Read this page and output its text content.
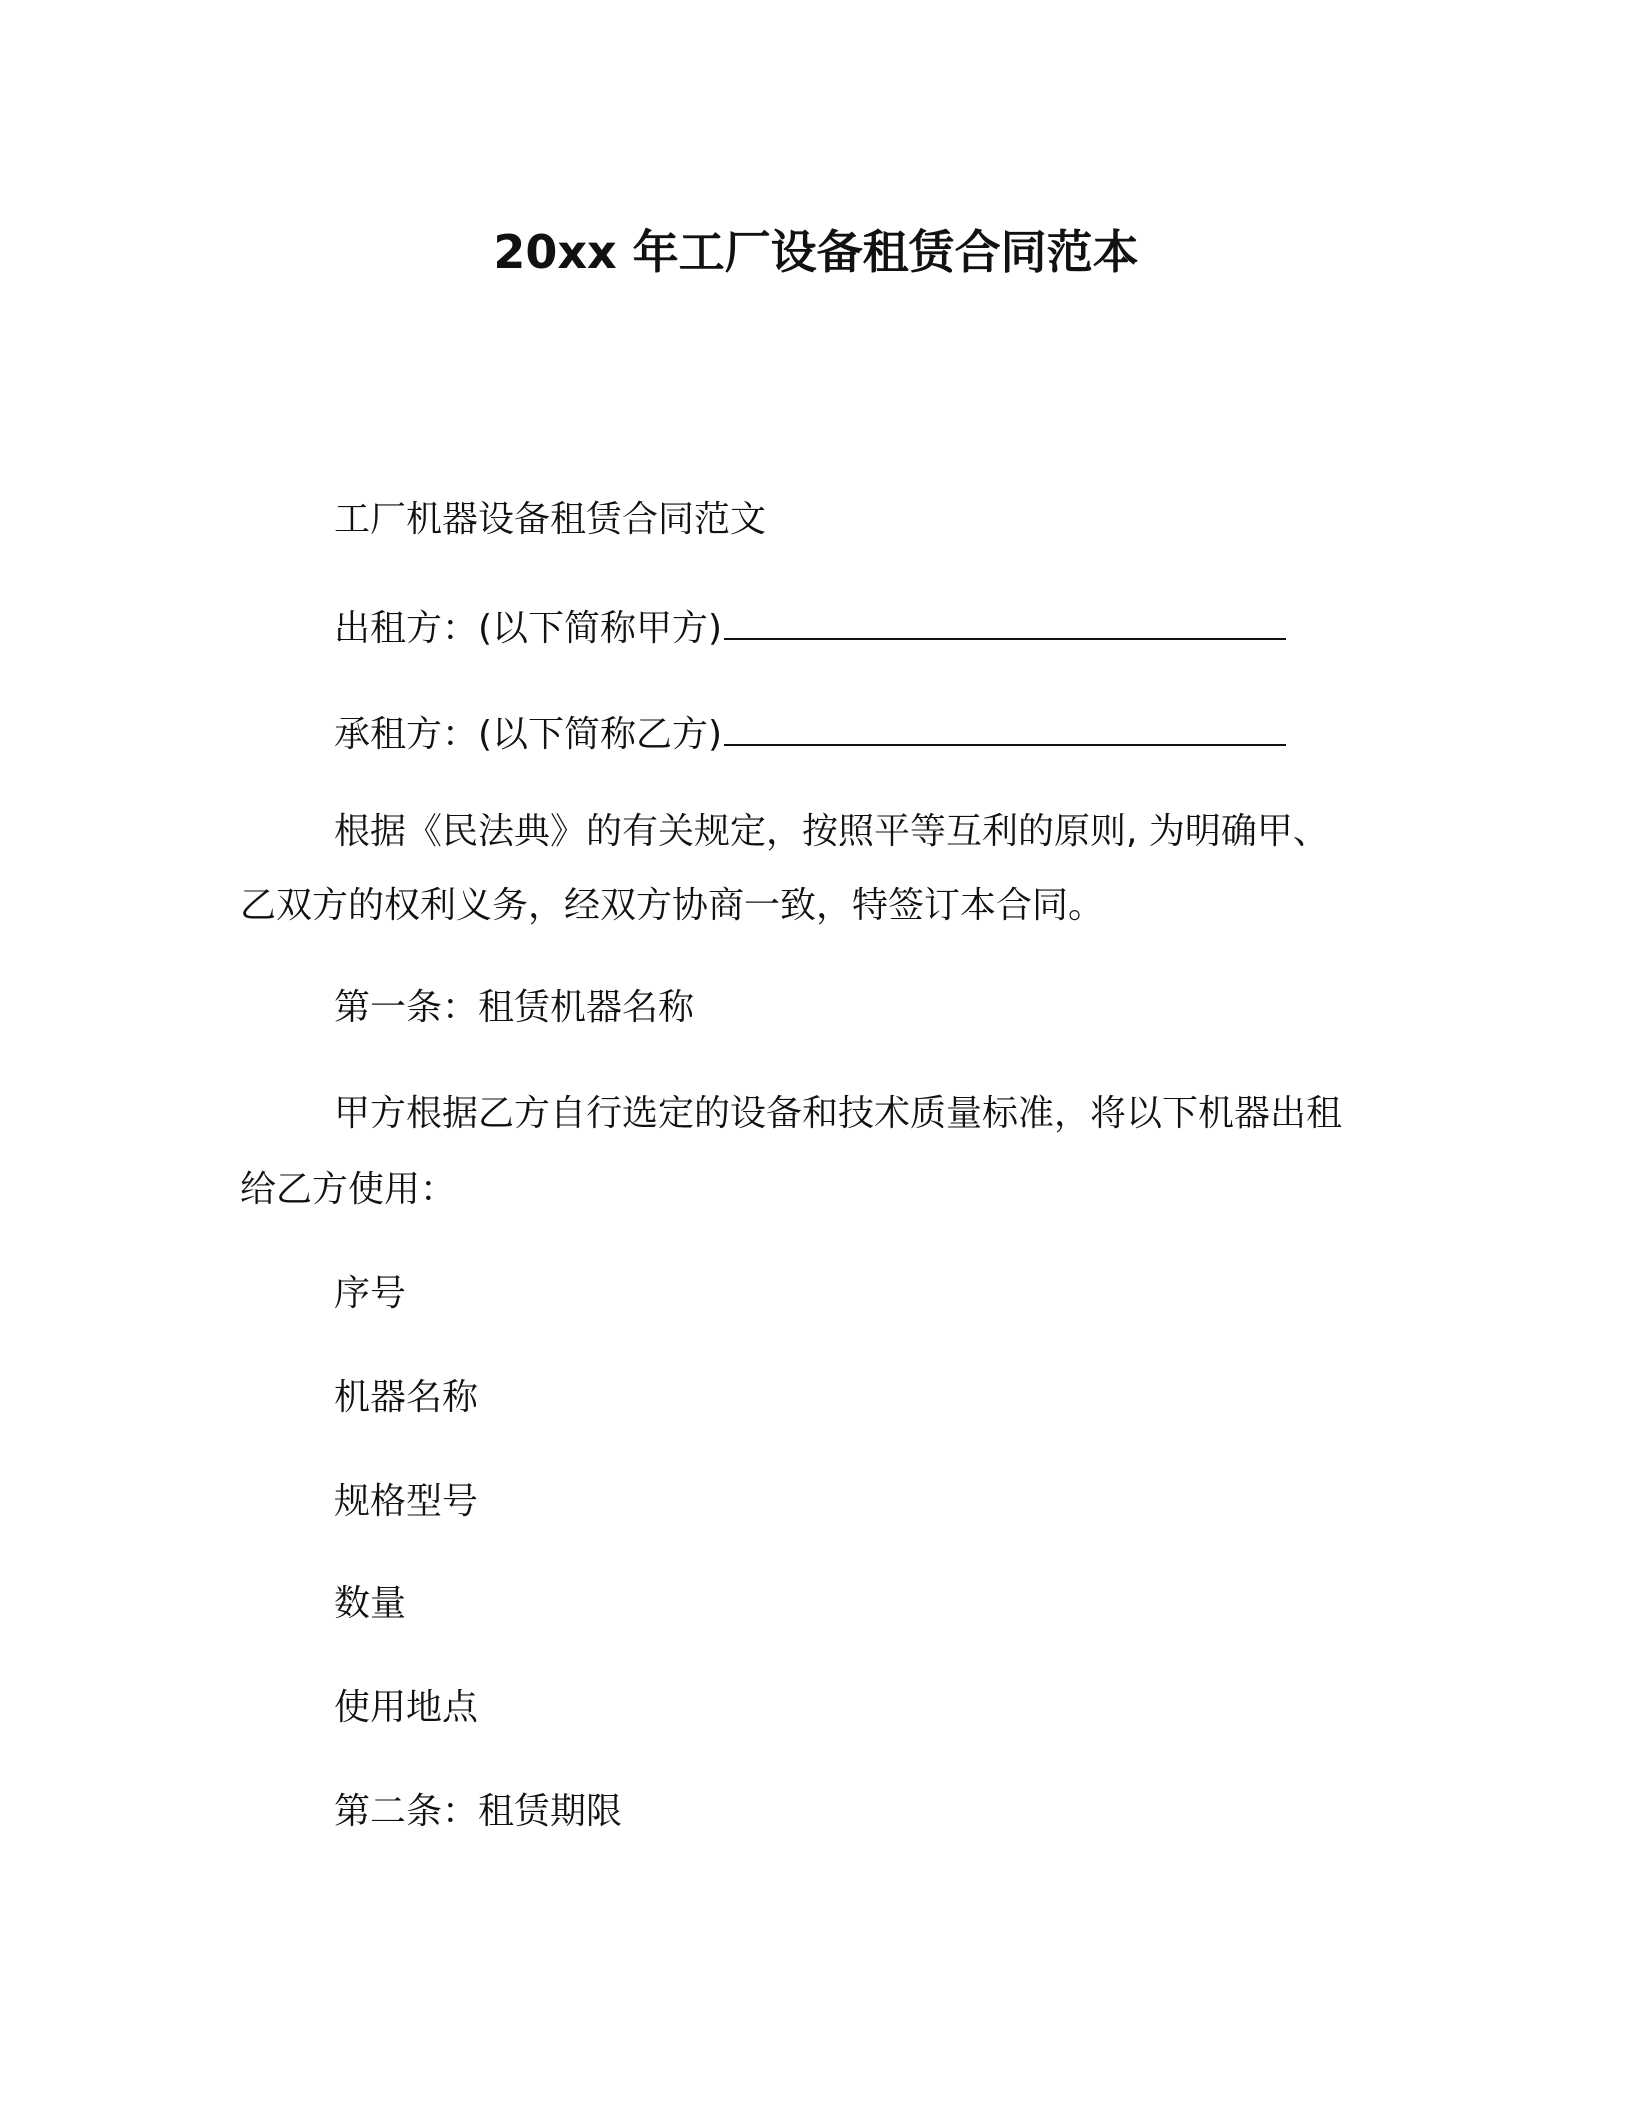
20xx 年工厂设备租赁合同范本

工厂机器设备租赁合同范文

出租方：(以下简称甲方)

承租方：(以下简称乙方)

根据《民法典》的有关规定，按照平等互利的原则, 为明确甲、

乙双方的权利义务，经双方协商一致，特签订本合同。

第一条：租赁机器名称

甲方根据乙方自行选定的设备和技术质量标准，将以下机器出租

给乙方使用：

序号

机器名称

规格型号

数量

使用地点

第二条：租赁期限
